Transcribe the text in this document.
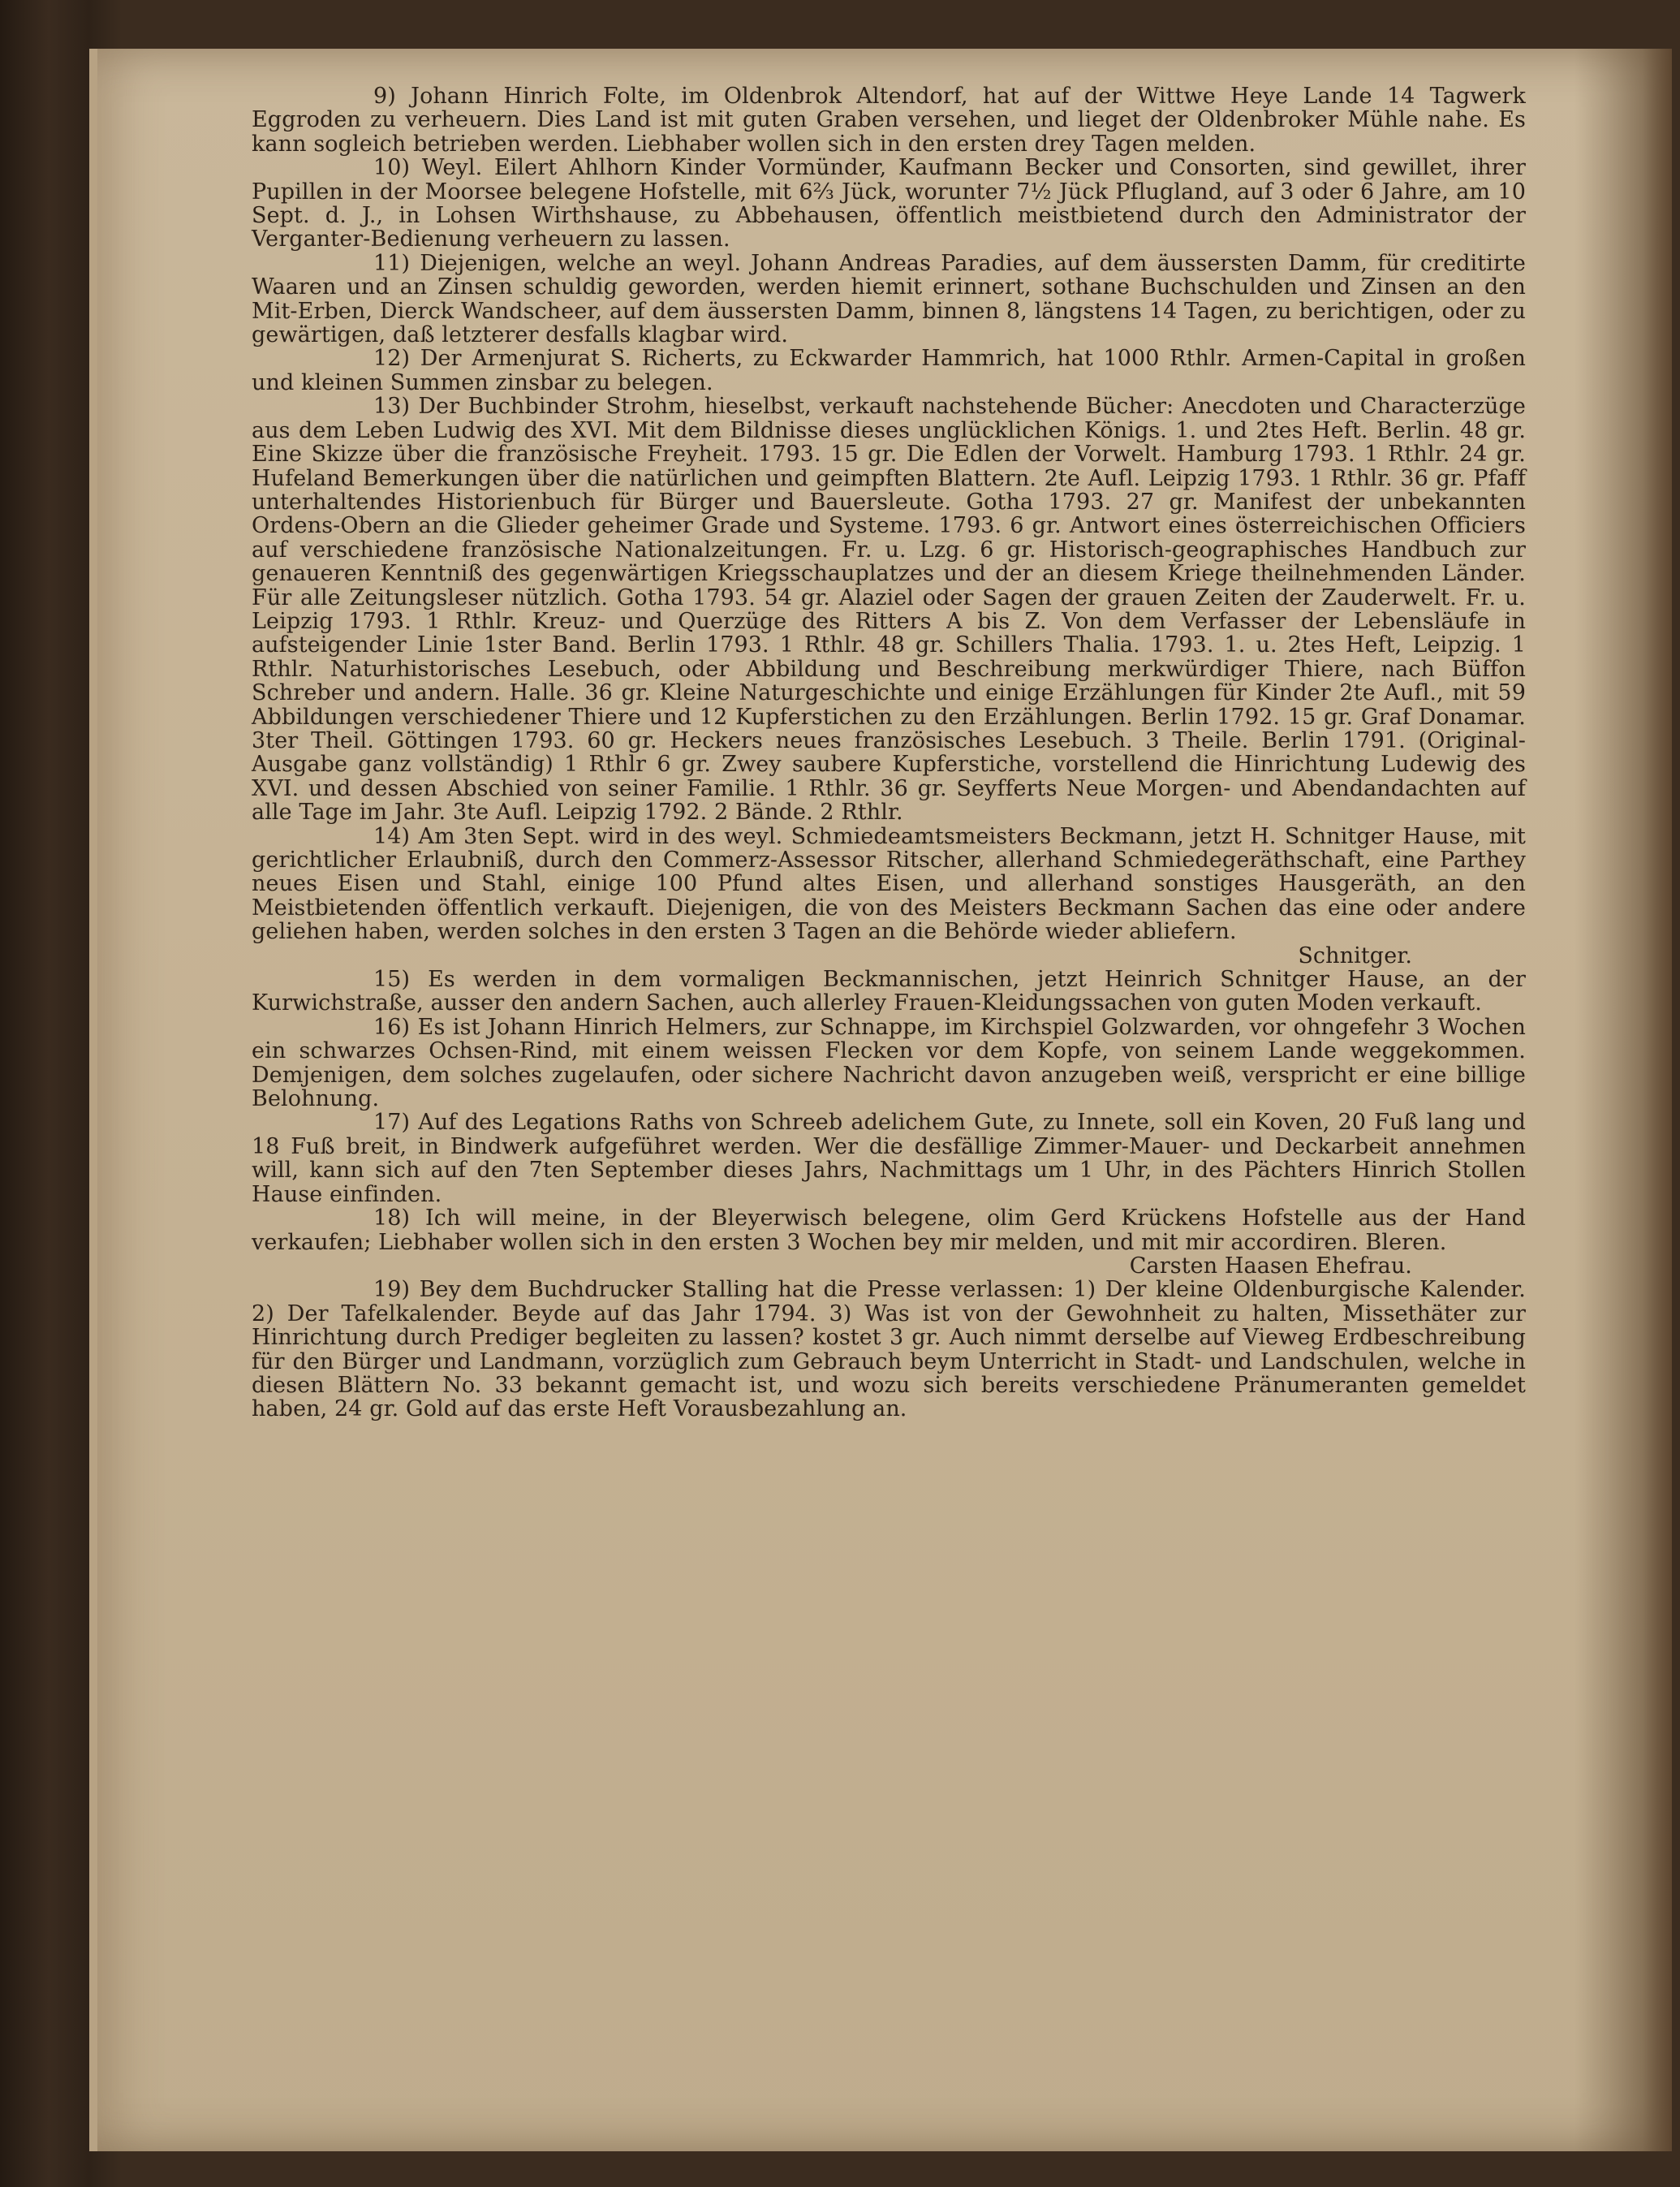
9) Johann Hinrich Folte, im Oldenbrok Altendorf, hat auf der Wittwe Heye Lande 14 Tagwerk Eggroden zu verheuern. Dies Land ist mit guten Graben versehen, und lieget der Oldenbroker Mühle nahe. Es kann sogleich betrieben werden. Liebhaber wollen sich in den ersten drey Tagen melden.

10) Weyl. Eilert Ahlhorn Kinder Vormünder, Kaufmann Becker und Consorten, sind gewillet, ihrer Pupillen in der Moorsee belegene Hofstelle, mit 6⅔ Jück, worunter 7½ Jück Pflugland, auf 3 oder 6 Jahre, am 10 Sept. d. J., in Lohsen Wirthshause, zu Abbehausen, öffentlich meistbietend durch den Administrator der Verganter-Bedienung verheuern zu lassen.

11) Diejenigen, welche an weyl. Johann Andreas Paradies, auf dem äussersten Damm, für creditirte Waaren und an Zinsen schuldig geworden, werden hiemit erinnert, sothane Buchschulden und Zinsen an den Mit-Erben, Dierck Wandscheer, auf dem äussersten Damm, binnen 8, längstens 14 Tagen, zu berichtigen, oder zu gewärtigen, daß letzterer desfalls klagbar wird.

12) Der Armenjurat S. Richerts, zu Eckwarder Hammrich, hat 1000 Rthlr. Armen-Capital in großen und kleinen Summen zinsbar zu belegen.

13) Der Buchbinder Strohm, hieselbst, verkauft nachstehende Bücher: Anecdoten und Characterzüge aus dem Leben Ludwig des XVI. Mit dem Bildnisse dieses unglücklichen Königs. 1. und 2tes Heft. Berlin. 48 gr. Eine Skizze über die französische Freyheit. 1793. 15 gr. Die Edlen der Vorwelt. Hamburg 1793. 1 Rthlr. 24 gr. Hufeland Bemerkungen über die natürlichen und geimpften Blattern. 2te Aufl. Leipzig 1793. 1 Rthlr. 36 gr. Pfaff unterhaltendes Historienbuch für Bürger und Bauersleute. Gotha 1793. 27 gr. Manifest der unbekannten Ordens-Obern an die Glieder geheimer Grade und Systeme. 1793. 6 gr. Antwort eines österreichischen Officiers auf verschiedene französische Nationalzeitungen. Fr. u. Lzg. 6 gr. Historisch-geographisches Handbuch zur genaueren Kenntniß des gegenwärtigen Kriegsschauplatzes und der an diesem Kriege theilnehmenden Länder. Für alle Zeitungsleser nützlich. Gotha 1793. 54 gr. Alaziel oder Sagen der grauen Zeiten der Zauderwelt. Fr. u. Leipzig 1793. 1 Rthlr. Kreuz- und Querzüge des Ritters A bis Z. Von dem Verfasser der Lebensläufe in aufsteigender Linie 1ster Band. Berlin 1793. 1 Rthlr. 48 gr. Schillers Thalia. 1793. 1. u. 2tes Heft, Leipzig. 1 Rthlr. Naturhistorisches Lesebuch, oder Abbildung und Beschreibung merkwürdiger Thiere, nach Büffon Schreber und andern. Halle. 36 gr. Kleine Naturgeschichte und einige Erzählungen für Kinder 2te Aufl., mit 59 Abbildungen verschiedener Thiere und 12 Kupferstichen zu den Erzählungen. Berlin 1792. 15 gr. Graf Donamar. 3ter Theil. Göttingen 1793. 60 gr. Heckers neues französisches Lesebuch. 3 Theile. Berlin 1791. (Original-Ausgabe ganz vollständig) 1 Rthlr 6 gr. Zwey saubere Kupferstiche, vorstellend die Hinrichtung Ludewig des XVI. und dessen Abschied von seiner Familie. 1 Rthlr. 36 gr. Seyfferts Neue Morgen- und Abendandachten auf alle Tage im Jahr. 3te Aufl. Leipzig 1792. 2 Bände. 2 Rthlr.

14) Am 3ten Sept. wird in des weyl. Schmiedeamtsmeisters Beckmann, jetzt H. Schnitger Hause, mit gerichtlicher Erlaubniß, durch den Commerz-Assessor Ritscher, allerhand Schmiedegeräthschaft, eine Parthey neues Eisen und Stahl, einige 100 Pfund altes Eisen, und allerhand sonstiges Hausgeräth, an den Meistbietenden öffentlich verkauft. Diejenigen, die von des Meisters Beckmann Sachen das eine oder andere geliehen haben, werden solches in den ersten 3 Tagen an die Behörde wieder abliefern.

Schnitger.

15) Es werden in dem vormaligen Beckmannischen, jetzt Heinrich Schnitger Hause, an der Kurwichstraße, ausser den andern Sachen, auch allerley Frauen-Kleidungssachen von guten Moden verkauft.

16) Es ist Johann Hinrich Helmers, zur Schnappe, im Kirchspiel Golzwarden, vor ohngefehr 3 Wochen ein schwarzes Ochsen-Rind, mit einem weissen Flecken vor dem Kopfe, von seinem Lande weggekommen. Demjenigen, dem solches zugelaufen, oder sichere Nachricht davon anzugeben weiß, verspricht er eine billige Belohnung.

17) Auf des Legations Raths von Schreeb adelichem Gute, zu Innete, soll ein Koven, 20 Fuß lang und 18 Fuß breit, in Bindwerk aufgeführet werden. Wer die desfällige Zimmer-Mauer- und Deckarbeit annehmen will, kann sich auf den 7ten September dieses Jahrs, Nachmittags um 1 Uhr, in des Pächters Hinrich Stollen Hause einfinden.

18) Ich will meine, in der Bleyerwisch belegene, olim Gerd Krückens Hofstelle aus der Hand verkaufen; Liebhaber wollen sich in den ersten 3 Wochen bey mir melden, und mit mir accordiren. Bleren.

Carsten Haasen Ehefrau.

19) Bey dem Buchdrucker Stalling hat die Presse verlassen: 1) Der kleine Oldenburgische Kalender. 2) Der Tafelkalender. Beyde auf das Jahr 1794. 3) Was ist von der Gewohnheit zu halten, Missethäter zur Hinrichtung durch Prediger begleiten zu lassen? kostet 3 gr. Auch nimmt derselbe auf Vieweg Erdbeschreibung für den Bürger und Landmann, vorzüglich zum Gebrauch beym Unterricht in Stadt- und Landschulen, welche in diesen Blättern No. 33 bekannt gemacht ist, und wozu sich bereits verschiedene Pränumeranten gemeldet haben, 24 gr. Gold auf das erste Heft Vorausbezahlung an.
